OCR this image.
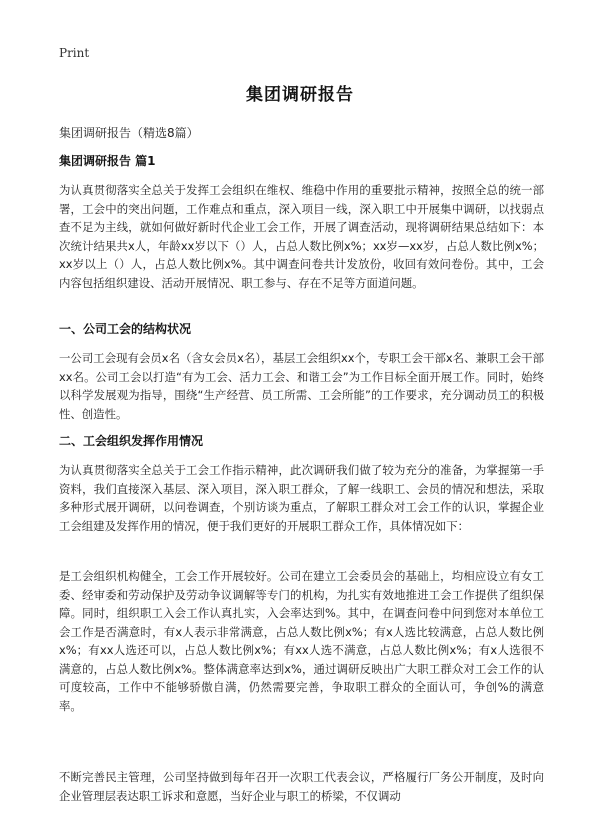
Print
集团调研报告
集团调研报告（精选8篇）
集团调研报告 篇1

为认真贯彻落实全总关于发挥工会组织在维权、维稳中作用的重要批示精神，按照全总的统一部署，工会中的突出问题，工作难点和重点，深入项目一线，深入职工中开展集中调研，以找弱点查不足为主线，就如何做好新时代企业工会工作，开展了调查活动，现将调研结果总结如下：本次统计结果共x人，年龄xx岁以下（）人，占总人数比例x%；xx岁—xx岁，占总人数比例x%；xx岁以上（）人，占总人数比例x%。其中调查问卷共计发放份，收回有效问卷份。其中，工会内容包括组织建设、活动开展情况、职工参与、存在不足等方面道问题。

一、公司工会的结构状况

一公司工会现有会员x名（含女会员x名），基层工会组织xx个，专职工会干部x名、兼职工会干部xx名。公司工会以打造“有为工会、活力工会、和谐工会”为工作目标全面开展工作。同时，始终以科学发展观为指导，围绕“生产经营、员工所需、工会所能”的工作要求，充分调动员工的积极性、创造性。

二、工会组织发挥作用情况

为认真贯彻落实全总关于工会工作指示精神，此次调研我们做了较为充分的准备，为掌握第一手资料，我们直接深入基层、深入项目，深入职工群众，了解一线职工、会员的情况和想法，采取多种形式展开调研，以问卷调查，个别访谈为重点，了解职工群众对工会工作的认识，掌握企业工会组建及发挥作用的情况，便于我们更好的开展职工群众工作，具体情况如下：

是工会组织机构健全，工会工作开展较好。公司在建立工会委员会的基础上，均相应设立有女工委、经审委和劳动保护及劳动争议调解等专门的机构，为扎实有效地推进工会工作提供了组织保障。同时，组织职工入会工作认真扎实，入会率达到%。其中，在调查问卷中问到您对本单位工会工作是否满意时，有x人表示非常满意，占总人数比例x%；有x人选比较满意，占总人数比例x%；有xx人选还可以，占总人数比例x%；有xx人选不满意，占总人数比例x%；有x人选很不满意的，占总人数比例x%。整体满意率达到x%，通过调研反映出广大职工群众对工会工作的认可度较高，工作中不能够骄傲自满，仍然需要完善，争取职工群众的全面认可，争创%的满意率。

不断完善民主管理，公司坚持做到每年召开一次职工代表会议，严格履行厂务公开制度，及时向企业管理层表达职工诉求和意愿，当好企业与职工的桥梁，不仅调动
